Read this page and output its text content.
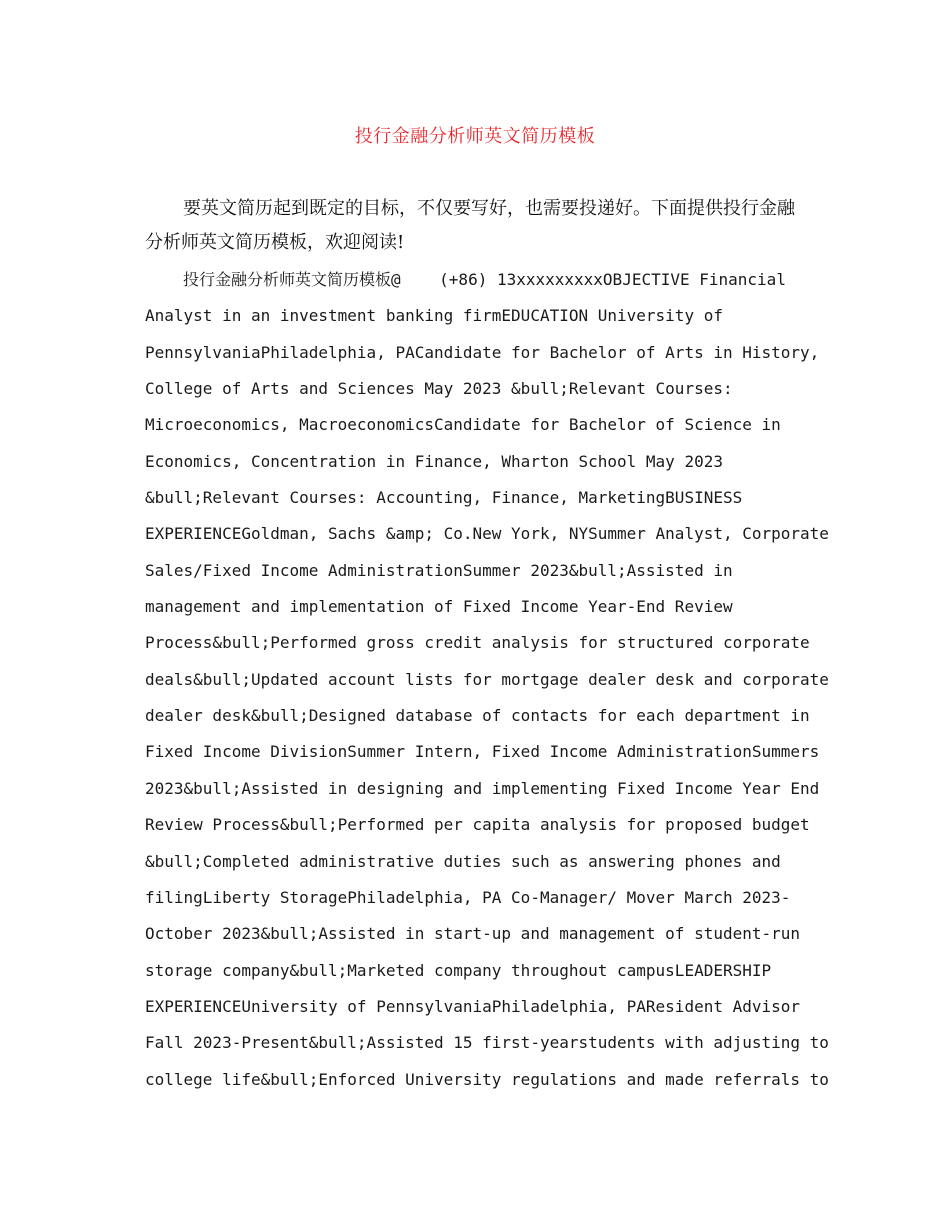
投行金融分析师英文简历模板

要英文简历起到既定的目标，不仅要写好，也需要投递好。下面提供投行金融分析师英文简历模板，欢迎阅读!

投行金融分析师英文简历模板@    (+86) 13xxxxxxxxxOBJECTIVE Financial
Analyst in an investment banking firmEDUCATION University of
PennsylvaniaPhiladelphia, PACandidate for Bachelor of Arts in History,
College of Arts and Sciences May 2023 &bull;Relevant Courses:
Microeconomics, MacroeconomicsCandidate for Bachelor of Science in
Economics, Concentration in Finance, Wharton School May 2023
&bull;Relevant Courses: Accounting, Finance, MarketingBUSINESS
EXPERIENCEGoldman, Sachs &amp; Co.New York, NYSummer Analyst, Corporate
Sales/Fixed Income AdministrationSummer 2023&bull;Assisted in
management and implementation of Fixed Income Year-End Review
Process&bull;Performed gross credit analysis for structured corporate
deals&bull;Updated account lists for mortgage dealer desk and corporate
dealer desk&bull;Designed database of contacts for each department in
Fixed Income DivisionSummer Intern, Fixed Income AdministrationSummers
2023&bull;Assisted in designing and implementing Fixed Income Year End
Review Process&bull;Performed per capita analysis for proposed budget
&bull;Completed administrative duties such as answering phones and
filingLiberty StoragePhiladelphia, PA Co-Manager/ Mover March 2023-
October 2023&bull;Assisted in start-up and management of student-run
storage company&bull;Marketed company throughout campusLEADERSHIP
EXPERIENCEUniversity of PennsylvaniaPhiladelphia, PAResident Advisor
Fall 2023-Present&bull;Assisted 15 first-yearstudents with adjusting to
college life&bull;Enforced University regulations and made referrals to
